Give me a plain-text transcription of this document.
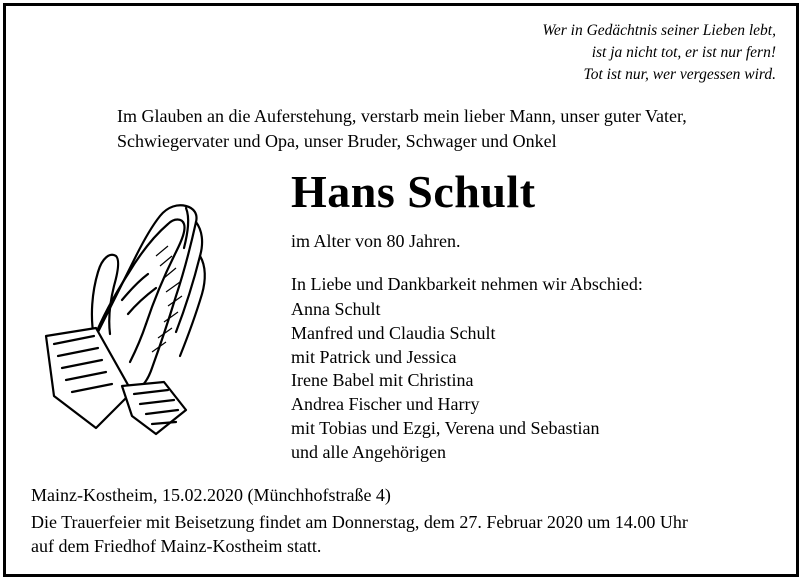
Wer in Gedächtnis seiner Lieben lebt,
ist ja nicht tot, er ist nur fern!
Tot ist nur, wer vergessen wird.
Im Glauben an die Auferstehung, verstarb mein lieber Mann, unser guter Vater,
Schwiegervater und Opa, unser Bruder, Schwager und Onkel
Hans Schult
im Alter von 80 Jahren.
In Liebe und Dankbarkeit nehmen wir Abschied:
Anna Schult
Manfred und Claudia Schult
mit Patrick und Jessica
Irene Babel mit Christina
Andrea Fischer und Harry
mit Tobias und Ezgi, Verena und Sebastian
und alle Angehörigen
Mainz-Kostheim, 15.02.2020 (Münchhofstraße 4)
Die Trauerfeier mit Beisetzung findet am Donnerstag, dem 27. Februar 2020 um 14.00 Uhr
auf dem Friedhof Mainz-Kostheim statt.
